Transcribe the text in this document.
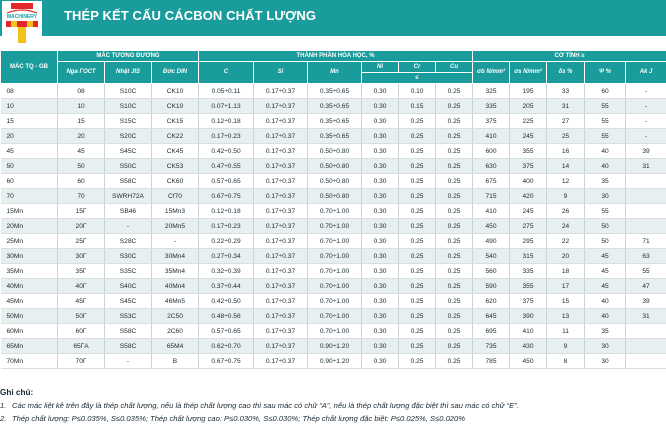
MACHINERY THÉP KẾT CẤU CÁCBON CHẤT LƯỢNG
MÁC TQ - GB	MÁC TƯƠNG ĐƯƠNG			THÀNH PHẦN HÓA HỌC, %						CƠ TÍNH ≥				
	Nga ГОСТ	Nhật JIS	Đức DIN	C	Si	Mn	Ni	Cr	Cu	σb N/mm²	σs N/mm²	δs %	Ψ %	Ak J
							≤							
08	08	S10C	CK10	0.05÷0.11	0.17÷0.37	0.35÷0.65	0.30	0.10	0.25	325	195	33	60	-
10	10	S10C	CK10	0.07÷1.13	0.17÷0.37	0.35÷0.65	0.30	0.15	0.25	335	205	31	55	-
15	15	S15C	CK15	0.12÷0.18	0.17÷0.37	0.35÷0.65	0.30	0.25	0.25	375	225	27	55	-
20	20	S20C	CK22	0.17÷0.23	0.17÷0.37	0.35÷0.65	0.30	0.25	0.25	410	245	25	55	-
45	45	S45C	CK45	0.42÷0.50	0.17÷0.37	0.50÷0.80	0.30	0.25	0.25	600	355	16	40	39
50	50	S50C	CK53	0.47÷0.55	0.17÷0.37	0.50÷0.80	0.30	0.25	0.25	630	375	14	40	31
60	60	S58C	CK60	0.57÷0.65	0.17÷0.37	0.50÷0.80	0.30	0.25	0.25	675	400	12	35	
70	70	SWRH72A	Cf70	0.67÷0.75	0.17÷0.37	0.50÷0.80	0.30	0.25	0.25	715	420	9	30	
15Mn	15Г	SB46	15Mn3	0.12÷0.18	0.17÷0.37	0.70÷1.00	0.30	0.25	0.25	410	245	26	55	
20Mn	20Г	-	20Mn5	0.17÷0.23	0.17÷0.37	0.70÷1.00	0.30	0.25	0.25	450	275	24	50	
25Mn	25Г	S28C	-	0.22÷0.29	0.17÷0.37	0.70÷1.00	0.30	0.25	0.25	490	295	22	50	71
30Mn	30Г	S30C	30Mn4	0.27÷0.34	0.17÷0.37	0.70÷1.00	0.30	0.25	0.25	540	315	20	45	63
35Mn	35Г	S35C	35Mn4	0.32÷0.39	0.17÷0.37	0.70÷1.00	0.30	0.25	0.25	560	335	18	45	55
40Mn	40Г	S40C	40Mn4	0.37÷0.44	0.17÷0.37	0.70÷1.00	0.30	0.25	0.25	590	355	17	45	47
45Mn	45Г	S45C	46Mn5	0.42÷0.50	0.17÷0.37	0.70÷1.00	0.30	0.25	0.25	620	375	15	40	39
50Mn	50Г	S53C	2C50	0.48÷0.56	0.17÷0.37	0.70÷1.00	0.30	0.25	0.25	645	390	13	40	31
60Mn	60Г	S58C	2C60	0.57÷0.65	0.17÷0.37	0.70÷1.00	0.30	0.25	0.25	695	410	11	35	
65Mn	65ГA	S58C	65M4	0.62÷0.70	0.17÷0.37	0.90÷1.20	0.30	0.25	0.25	735	430	9	30	
70Mn	70Г	-	B	0.67÷0.75	0.17÷0.37	0.90÷1.20	0.30	0.25	0.25	785	450	8	30	
Ghi chú:
1. Các mác liệt kê trên đây là thép chất lượng, nếu là thép chất lượng cao thì sau mác có chữ “A”, nếu là thép chất lượng đặc biệt thì sau mác có chữ “E”.
2. Thép chất lượng: P≤0.035%, S≤0.035%; Thép chất lượng cao: P≤0.030%, S≤0.030%; Thép chất lượng đặc biệt: P≤0.025%, S≤0.020%
